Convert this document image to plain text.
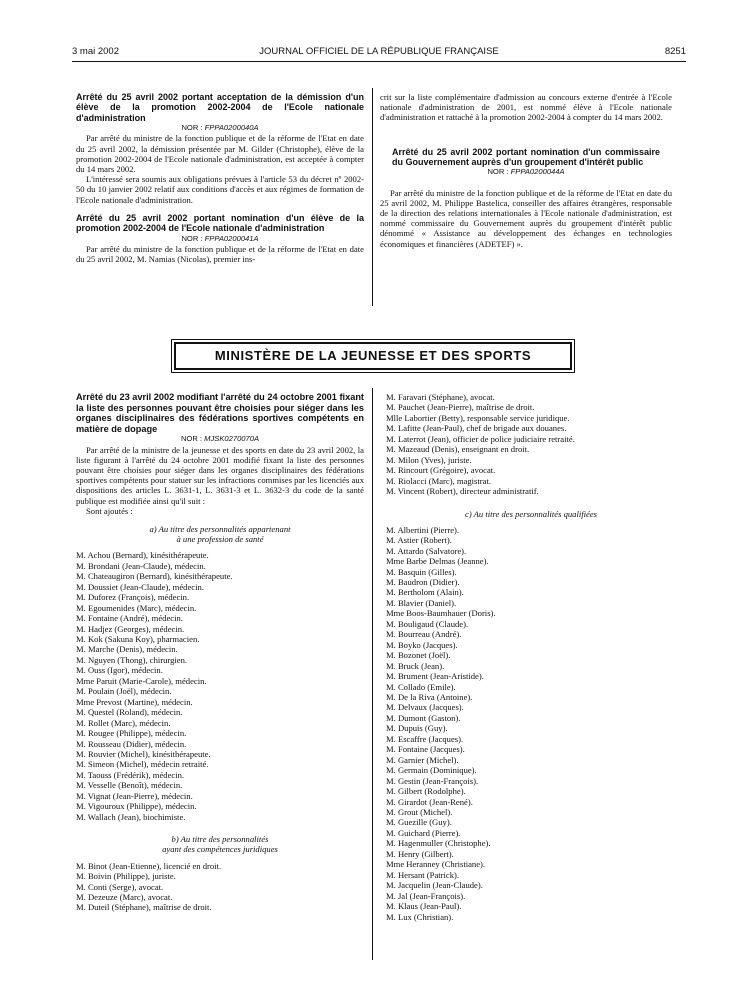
3 mai 2002	JOURNAL OFFICIEL DE LA RÉPUBLIQUE FRANÇAISE	8251

Arrêté du 25 avril 2002 portant acceptation de la démission d'un élève de la promotion 2002-2004 de l'Ecole nationale d'administration

NOR : FPPA0200040A

Par arrêté du ministre de la fonction publique et de la réforme de l'Etat en date du 25 avril 2002, la démission présentée par M. Gilder (Christophe), élève de la promotion 2002-2004 de l'Ecole nationale d'administration, est acceptée à compter du 14 mars 2002.

L'intéressé sera soumis aux obligations prévues à l'article 53 du décret nº 2002-50 du 10 janvier 2002 relatif aux conditions d'accès et aux régimes de formation de l'Ecole nationale d'administration.

Arrêté du 25 avril 2002 portant nomination d'un élève de la promotion 2002-2004 de l'Ecole nationale d'administration

NOR : FPPA0200041A

Par arrêté du ministre de la fonction publique et de la réforme de l'Etat en date du 25 avril 2002, M. Namias (Nicolas), premier ins-

crit sur la liste complémentaire d'admission au concours externe d'entrée à l'Ecole nationale d'administration de 2001, est nommé élève à l'Ecole nationale d'administration et rattaché à la promotion 2002-2004 à compter du 14 mars 2002.

Arrêté du 25 avril 2002 portant nomination d'un commissaire du Gouvernement auprès d'un groupement d'intérêt public

NOR : FPPA0200044A

Par arrêté du ministre de la fonction publique et de la réforme de l'Etat en date du 25 avril 2002, M. Philippe Bastelica, conseiller des affaires étrangères, responsable de la direction des relations internationales à l'Ecole nationale d'administration, est nommé commissaire du Gouvernement auprès du groupement d'intérêt public dénommé « Assistance au développement des échanges en technologies économiques et financières (ADETEF) ».

MINISTÈRE DE LA JEUNESSE ET DES SPORTS

Arrêté du 23 avril 2002 modifiant l'arrêté du 24 octobre 2001 fixant la liste des personnes pouvant être choisies pour siéger dans les organes disciplinaires des fédérations sportives compétents en matière de dopage

NOR : MJSK0270070A

Par arrêté de la ministre de la jeunesse et des sports en date du 23 avril 2002, la liste figurant à l'arrêté du 24 octobre 2001 modifié fixant la liste des personnes pouvant être choisies pour siéger dans les organes disciplinaires des fédérations sportives compétents pour statuer sur les infractions commises par les licenciés aux dispositions des articles L. 3631-1, L. 3631-3 et L. 3632-3 du code de la santé publique est modifiée ainsi qu'il suit :

Sont ajoutés :

a) Au titre des personnalités appartenant
à une profession de santé
M. Achou (Bernard), kinésithérapeute.
M. Brondani (Jean-Claude), médecin.
M. Chateaugiron (Bernard), kinésithérapeute.
M. Doussiet (Jean-Claude), médecin.
M. Duforez (François), médecin.
M. Egoumenides (Marc), médecin.
M. Fontaine (André), médecin.
M. Hadjez (Georges), médecin.
M. Kok (Sakuna Koy), pharmacien.
M. Marche (Denis), médecin.
M. Nguyen (Thong), chirurgien.
M. Ouss (Igor), médecin.
Mme Paruit (Marie-Carole), médecin.
M. Poulain (Joël), médecin.
Mme Prevost (Martine), médecin.
M. Questel (Roland), médecin.
M. Rollet (Marc), médecin.
M. Rougee (Philippe), médecin.
M. Rousseau (Didier), médecin.
M. Rouvier (Michel), kinésithérapeute.
M. Simeon (Michel), médecin retraité.
M. Taouss (Frédérik), médecin.
M. Vesselle (Benoît), médecin.
M. Vignat (Jean-Pierre), médecin.
M. Vigouroux (Philippe), médecin.
M. Wallach (Jean), biochimiste.
b) Au titre des personnalités
ayant des compétences juridiques
M. Binot (Jean-Etienne), licencié en droit.
M. Boivin (Philippe), juriste.
M. Conti (Serge), avocat.
M. Dezeuze (Marc), avocat.
M. Duteil (Stéphane), maîtrise de droit.
M. Faravari (Stéphane), avocat.
M. Pauchet (Jean-Pierre), maîtrise de droit.
Mlle Labortier (Betty), responsable service juridique.
M. Lafitte (Jean-Paul), chef de brigade aux douanes.
M. Laterrot (Jean), officier de police judiciaire retraité.
M. Mazeaud (Denis), enseignant en droit.
M. Milon (Yves), juriste.
M. Rincourt (Grégoire), avocat.
M. Riolacci (Marc), magistrat.
M. Vincent (Robert), directeur administratif.
c) Au titre des personnalités qualifiées
M. Albertini (Pierre).
M. Astier (Robert).
M. Attardo (Salvatore).
Mme Barbe Delmas (Jeanne).
M. Basquin (Gilles).
M. Baudron (Didier).
M. Bertholom (Alain).
M. Blavier (Daniel).
Mme Boos-Baumhauer (Doris).
M. Bouligaud (Claude).
M. Bourreau (André).
M. Boyko (Jacques).
M. Bozonet (Joël).
M. Bruck (Jean).
M. Brument (Jean-Aristide).
M. Collado (Emile).
M. De la Riva (Antoine).
M. Delvaux (Jacques).
M. Dumont (Gaston).
M. Dupuis (Guy).
M. Escaffre (Jacques).
M. Fontaine (Jacques).
M. Garnier (Michel).
M. Germain (Dominique).
M. Gestin (Jean-François).
M. Gilbert (Rodolphe).
M. Girardot (Jean-René).
M. Grout (Michel).
M. Guezille (Guy).
M. Guichard (Pierre).
M. Hagenmuller (Christophe).
M. Henry (Gilbert).
Mme Heranney (Christiane).
M. Hersant (Patrick).
M. Jacquelin (Jean-Claude).
M. Jal (Jean-François).
M. Klaus (Jean-Paul).
M. Lux (Christian).
